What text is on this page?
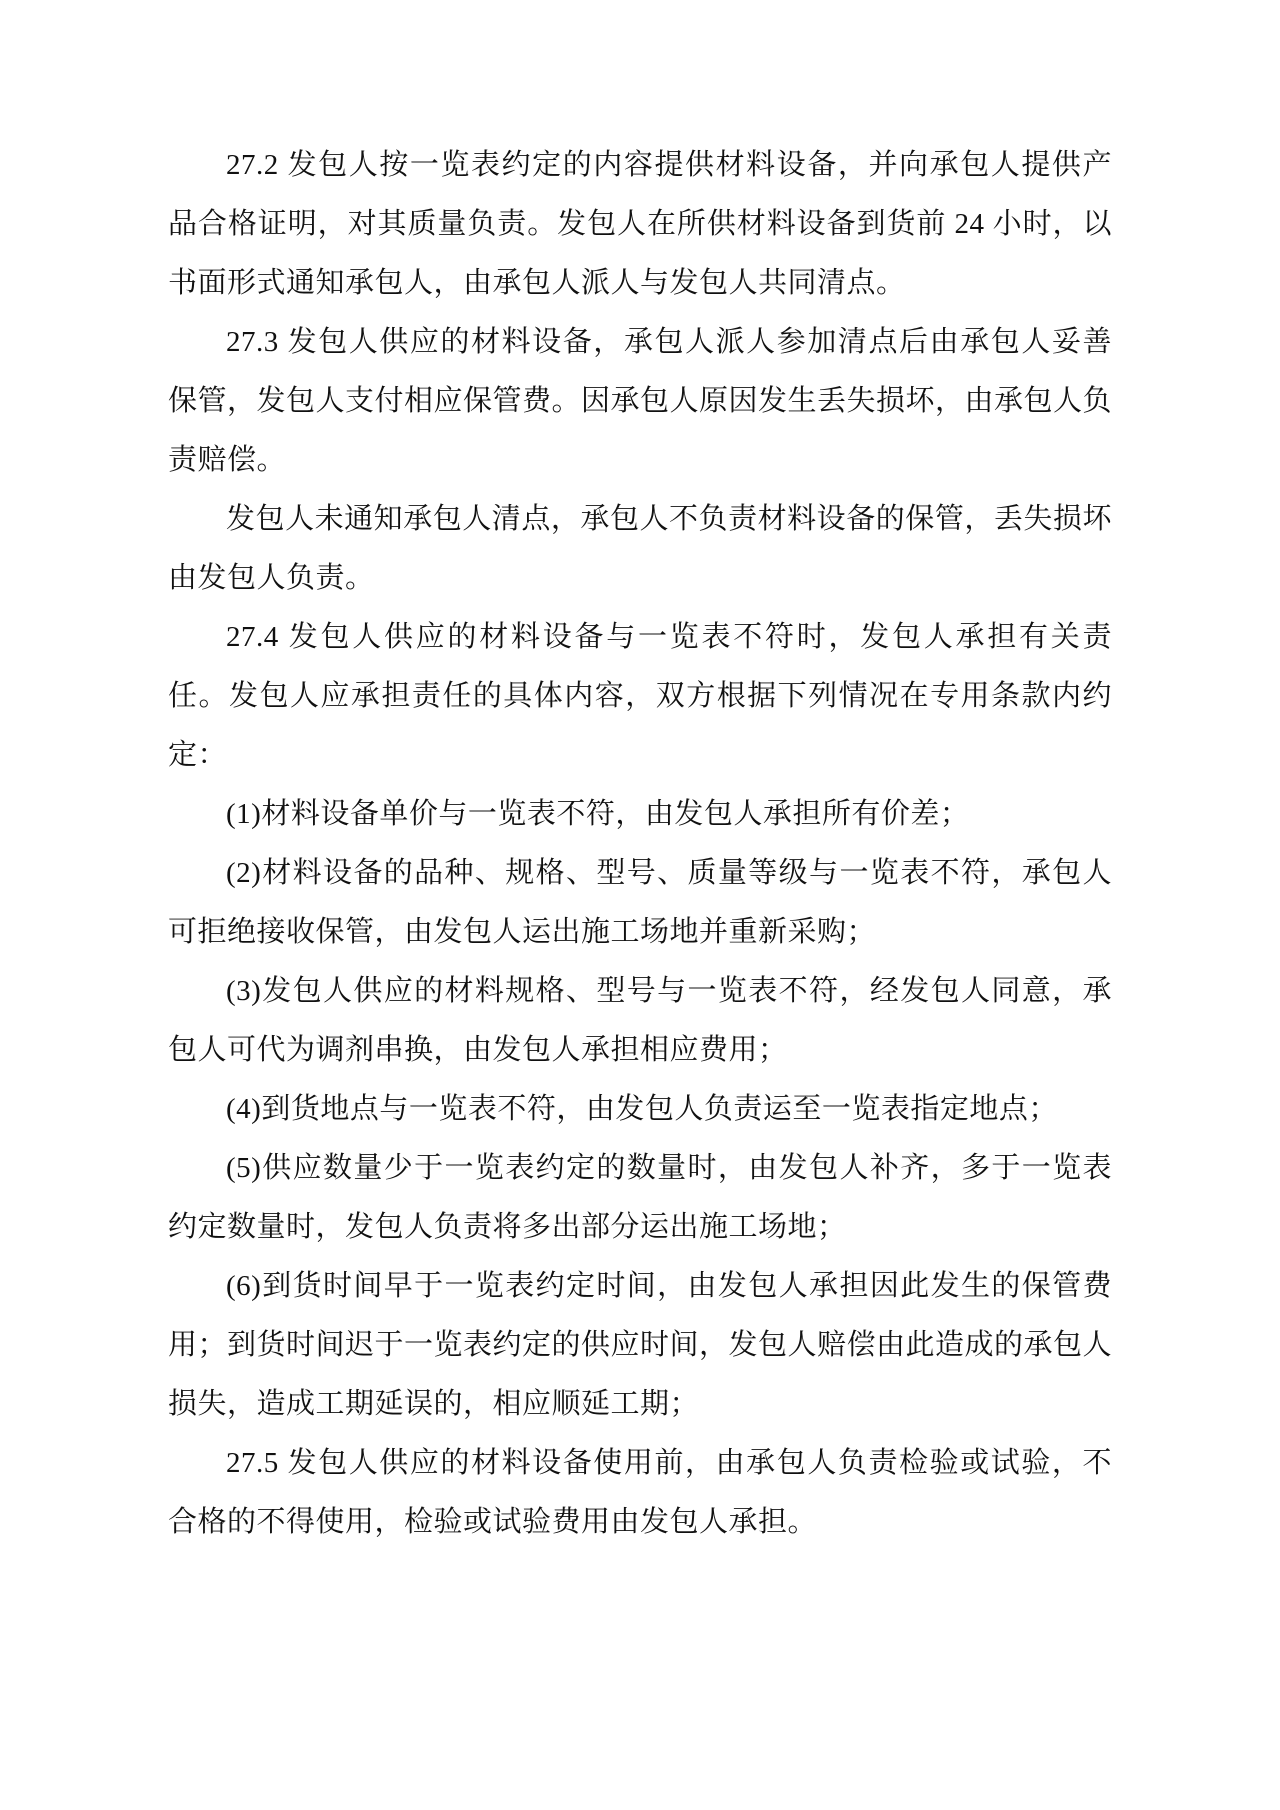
27.2 发包人按一览表约定的内容提供材料设备，并向承包人提供产品合格证明，对其质量负责。发包人在所供材料设备到货前 24 小时，以书面形式通知承包人，由承包人派人与发包人共同清点。

27.3 发包人供应的材料设备，承包人派人参加清点后由承包人妥善保管，发包人支付相应保管费。因承包人原因发生丢失损坏，由承包人负责赔偿。

发包人未通知承包人清点，承包人不负责材料设备的保管，丢失损坏由发包人负责。

27.4 发包人供应的材料设备与一览表不符时，发包人承担有关责任。发包人应承担责任的具体内容，双方根据下列情况在专用条款内约定：

(1)材料设备单价与一览表不符，由发包人承担所有价差；

(2)材料设备的品种、规格、型号、质量等级与一览表不符，承包人可拒绝接收保管，由发包人运出施工场地并重新采购；

(3)发包人供应的材料规格、型号与一览表不符，经发包人同意，承包人可代为调剂串换，由发包人承担相应费用；

(4)到货地点与一览表不符，由发包人负责运至一览表指定地点；

(5)供应数量少于一览表约定的数量时，由发包人补齐，多于一览表约定数量时，发包人负责将多出部分运出施工场地；

(6)到货时间早于一览表约定时间，由发包人承担因此发生的保管费用；到货时间迟于一览表约定的供应时间，发包人赔偿由此造成的承包人损失，造成工期延误的，相应顺延工期；

27.5 发包人供应的材料设备使用前，由承包人负责检验或试验，不合格的不得使用，检验或试验费用由发包人承担。
